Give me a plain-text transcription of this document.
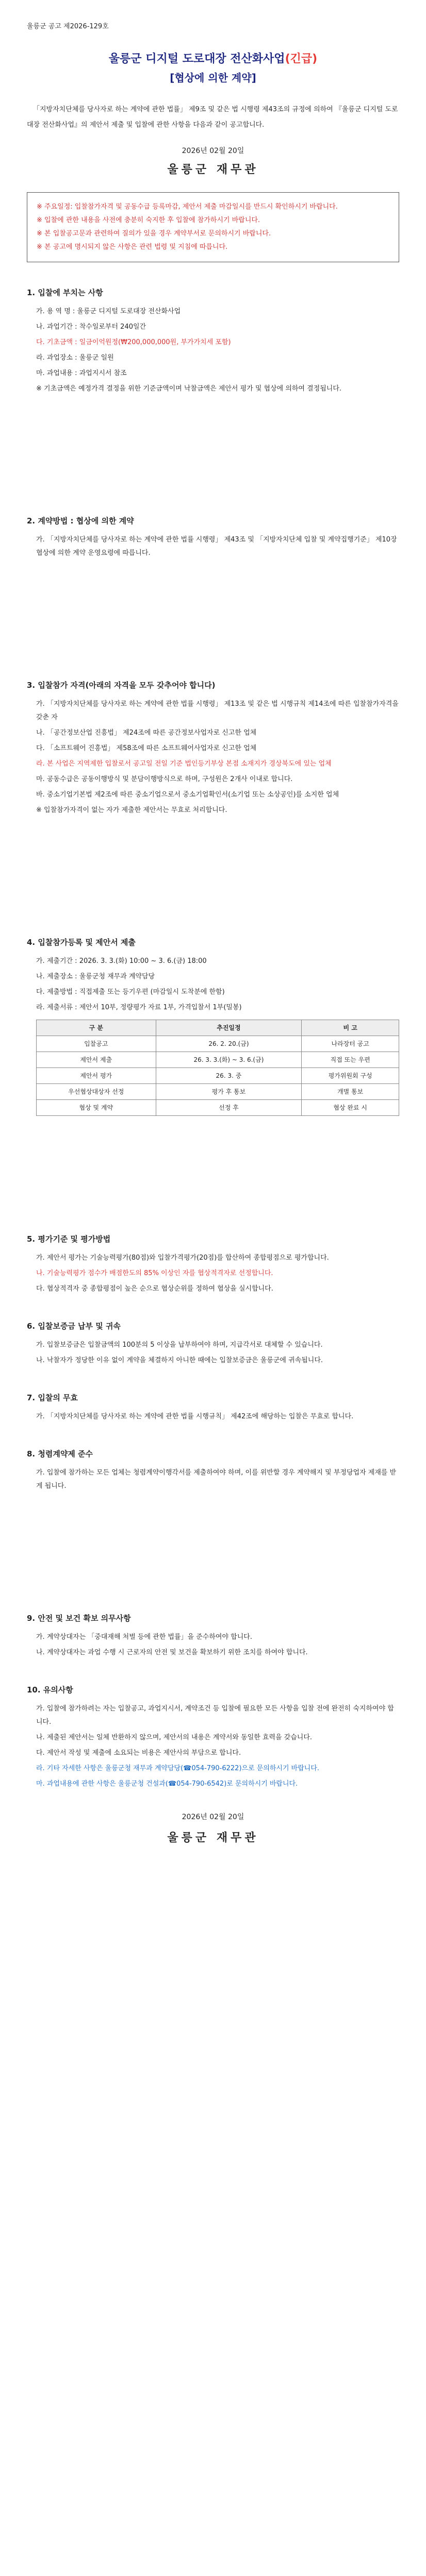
울릉군 공고 제2026-129호
울릉군 디지털 도로대장 전산화사업(긴급)
[협상에 의한 계약]
「지방자치단체를 당사자로 하는 계약에 관한 법률」 제9조 및 같은 법 시행령 제43조의 규정에 의하여 『울릉군 디지털 도로대장 전산화사업』의 제안서 제출 및 입찰에 관한 사항을 다음과 같이 공고합니다.
2026년 02월 20일
울릉군 재무관

※ 주요일정: 입찰참가자격 및 공동수급 등록마감, 제안서 제출 마감일시를 반드시 확인하시기 바랍니다.

※ 입찰에 관한 내용을 사전에 충분히 숙지한 후 입찰에 참가하시기 바랍니다.

※ 본 입찰공고문과 관련하여 질의가 있을 경우 계약부서로 문의하시기 바랍니다.

※ 본 공고에 명시되지 않은 사항은 관련 법령 및 지침에 따릅니다.

1. 입찰에 부치는 사항

가. 용 역 명 : 울릉군 디지털 도로대장 전산화사업

나. 과업기간 : 착수일로부터 240일간

다. 기초금액 : 일금이억원정(₩200,000,000원, 부가가치세 포함)

라. 과업장소 : 울릉군 일원

마. 과업내용 : 과업지시서 참조

※ 기초금액은 예정가격 결정을 위한 기준금액이며 낙찰금액은 제안서 평가 및 협상에 의하여 결정됩니다.

2. 계약방법 : 협상에 의한 계약

가. 「지방자치단체를 당사자로 하는 계약에 관한 법률 시행령」 제43조 및 「지방자치단체 입찰 및 계약집행기준」 제10장 협상에 의한 계약 운영요령에 따릅니다.

3. 입찰참가 자격(아래의 자격을 모두 갖추어야 합니다)

가. 「지방자치단체를 당사자로 하는 계약에 관한 법률 시행령」 제13조 및 같은 법 시행규칙 제14조에 따른 입찰참가자격을 갖춘 자

나. 「공간정보산업 진흥법」 제24조에 따른 공간정보사업자로 신고한 업체

다. 「소프트웨어 진흥법」 제58조에 따른 소프트웨어사업자로 신고한 업체

라. 본 사업은 지역제한 입찰로서 공고일 전일 기준 법인등기부상 본점 소재지가 경상북도에 있는 업체

마. 공동수급은 공동이행방식 및 분담이행방식으로 하며, 구성원은 2개사 이내로 합니다.

바. 중소기업기본법 제2조에 따른 중소기업으로서 중소기업확인서(소기업 또는 소상공인)를 소지한 업체

※ 입찰참가자격이 없는 자가 제출한 제안서는 무효로 처리합니다.

4. 입찰참가등록 및 제안서 제출

가. 제출기간 : 2026. 3. 3.(화) 10:00 ~ 3. 6.(금) 18:00

나. 제출장소 : 울릉군청 재무과 계약담당

다. 제출방법 : 직접제출 또는 등기우편 (마감일시 도착분에 한함)

라. 제출서류 : 제안서 10부, 정량평가 자료 1부, 가격입찰서 1부(밀봉)

구 분	추진일정	비 고
입찰공고	26. 2. 20.(금)	나라장터 공고
제안서 제출	26. 3. 3.(화) ~ 3. 6.(금)	직접 또는 우편
제안서 평가	26. 3. 중	평가위원회 구성
우선협상대상자 선정	평가 후 통보	개별 통보
협상 및 계약	선정 후	협상 완료 시
5. 평가기준 및 평가방법

가. 제안서 평가는 기술능력평가(80점)와 입찰가격평가(20점)를 합산하여 종합평점으로 평가합니다.

나. 기술능력평가 점수가 배점한도의 85% 이상인 자를 협상적격자로 선정합니다.

다. 협상적격자 중 종합평점이 높은 순으로 협상순위를 정하여 협상을 실시합니다.

6. 입찰보증금 납부 및 귀속

가. 입찰보증금은 입찰금액의 100분의 5 이상을 납부하여야 하며, 지급각서로 대체할 수 있습니다.

나. 낙찰자가 정당한 이유 없이 계약을 체결하지 아니한 때에는 입찰보증금은 울릉군에 귀속됩니다.

7. 입찰의 무효

가. 「지방자치단체를 당사자로 하는 계약에 관한 법률 시행규칙」 제42조에 해당하는 입찰은 무효로 합니다.

8. 청렴계약제 준수

가. 입찰에 참가하는 모든 업체는 청렴계약이행각서를 제출하여야 하며, 이를 위반할 경우 계약해지 및 부정당업자 제재를 받게 됩니다.

9. 안전 및 보건 확보 의무사항

가. 계약상대자는 「중대재해 처벌 등에 관한 법률」을 준수하여야 합니다.

나. 계약상대자는 과업 수행 시 근로자의 안전 및 보건을 확보하기 위한 조치를 하여야 합니다.

10. 유의사항

가. 입찰에 참가하려는 자는 입찰공고, 과업지시서, 계약조건 등 입찰에 필요한 모든 사항을 입찰 전에 완전히 숙지하여야 합니다.

나. 제출된 제안서는 일체 반환하지 않으며, 제안서의 내용은 계약서와 동일한 효력을 갖습니다.

다. 제안서 작성 및 제출에 소요되는 비용은 제안사의 부담으로 합니다.

라. 기타 자세한 사항은 울릉군청 재무과 계약담당(☎054-790-6222)으로 문의하시기 바랍니다.

마. 과업내용에 관한 사항은 울릉군청 건설과(☎054-790-6542)로 문의하시기 바랍니다.

2026년 02월 20일
울릉군 재무관
